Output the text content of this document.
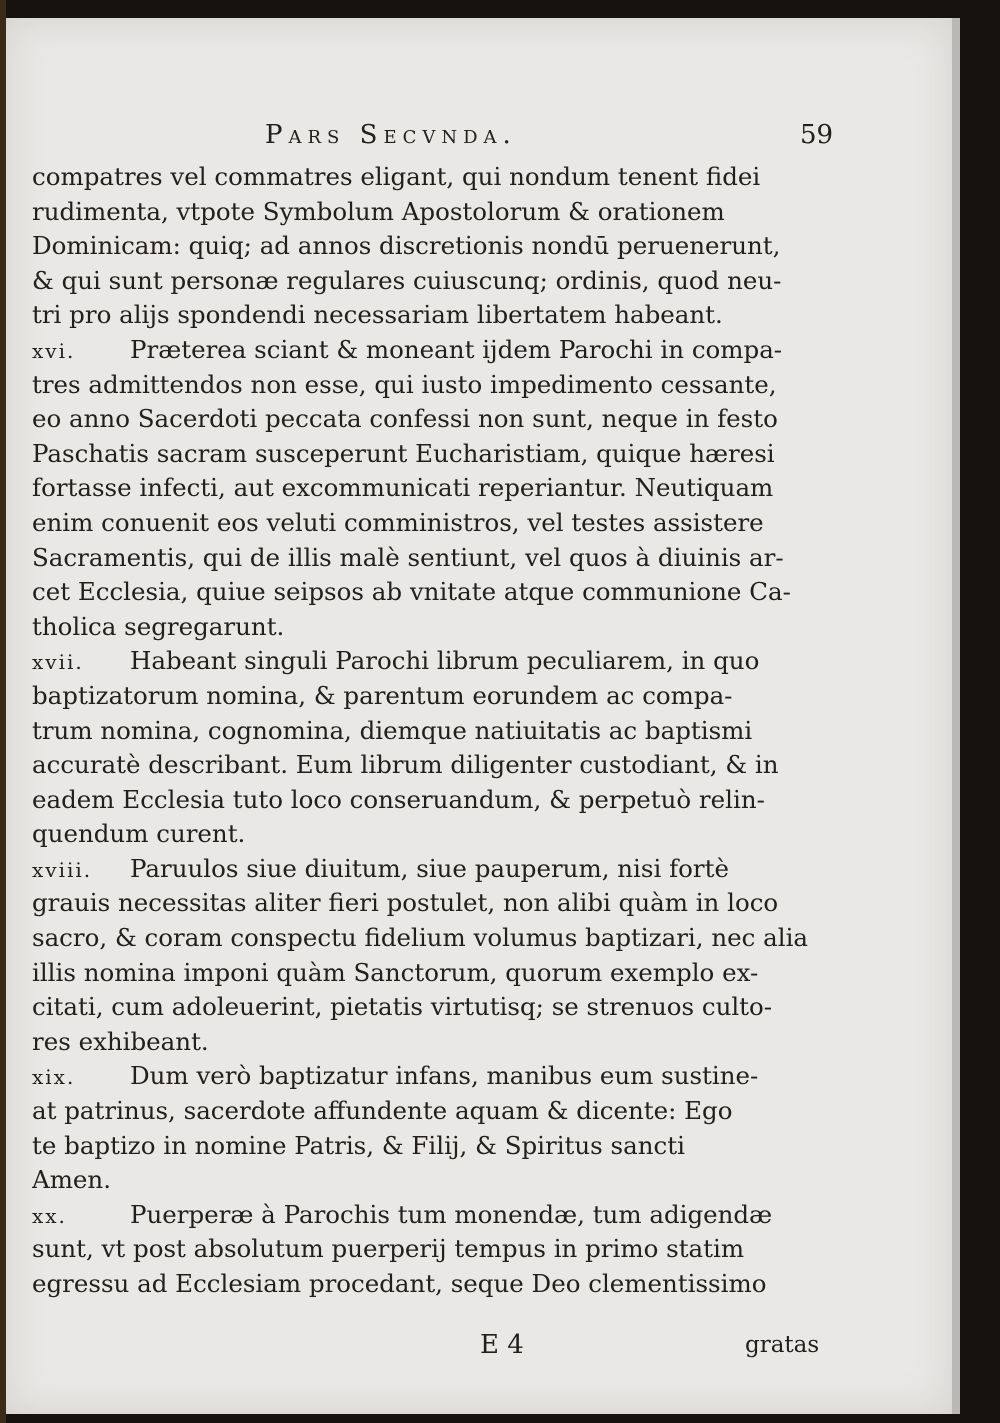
Pars Secvnda.	59
compatres vel commatres eligant, qui nondum tenent fidei
rudimenta, vtpote Symbolum Apostolorum & orationem
Dominicam: quiq; ad annos discretionis nondū peruenerunt,
& qui sunt personæ regulares cuiuscunq; ordinis, quod neu-
tri pro alijs spondendi necessariam libertatem habeant.
xvi. Præterea sciant & moneant ijdem Parochi in compa-
tres admittendos non esse, qui iusto impedimento cessante,
eo anno Sacerdoti peccata confessi non sunt, neque in festo
Paschatis sacram susceperunt Eucharistiam, quique hæresi
fortasse infecti, aut excommunicati reperiantur. Neutiquam
enim conuenit eos veluti comministros, vel testes assistere
Sacramentis, qui de illis malè sentiunt, vel quos à diuinis ar-
cet Ecclesia, quiue seipsos ab vnitate atque communione Ca-
tholica segregarunt.
xvii. Habeant singuli Parochi librum peculiarem, in quo
baptizatorum nomina, & parentum eorundem ac compa-
trum nomina, cognomina, diemque natiuitatis ac baptismi
accuratè describant. Eum librum diligenter custodiant, & in
eadem Ecclesia tuto loco conseruandum, & perpetuò relin-
quendum curent.
xviii. Paruulos siue diuitum, siue pauperum, nisi fortè
grauis necessitas aliter fieri postulet, non alibi quàm in loco
sacro, & coram conspectu fidelium volumus baptizari, nec alia
illis nomina imponi quàm Sanctorum, quorum exemplo ex-
citati, cum adoleuerint, pietatis virtutisq; se strenuos culto-
res exhibeant.
xix. Dum verò baptizatur infans, manibus eum sustine-
at patrinus, sacerdote affundente aquam & dicente: Ego
te baptizo in nomine Patris, & Filij, & Spiritus sancti
Amen.
xx.	Puerperæ à Parochis tum monendæ, tum adigendæ
sunt, vt post absolutum puerperij tempus in primo statim
egressu ad Ecclesiam procedant, seque Deo clementissimo
E 4	gratas
